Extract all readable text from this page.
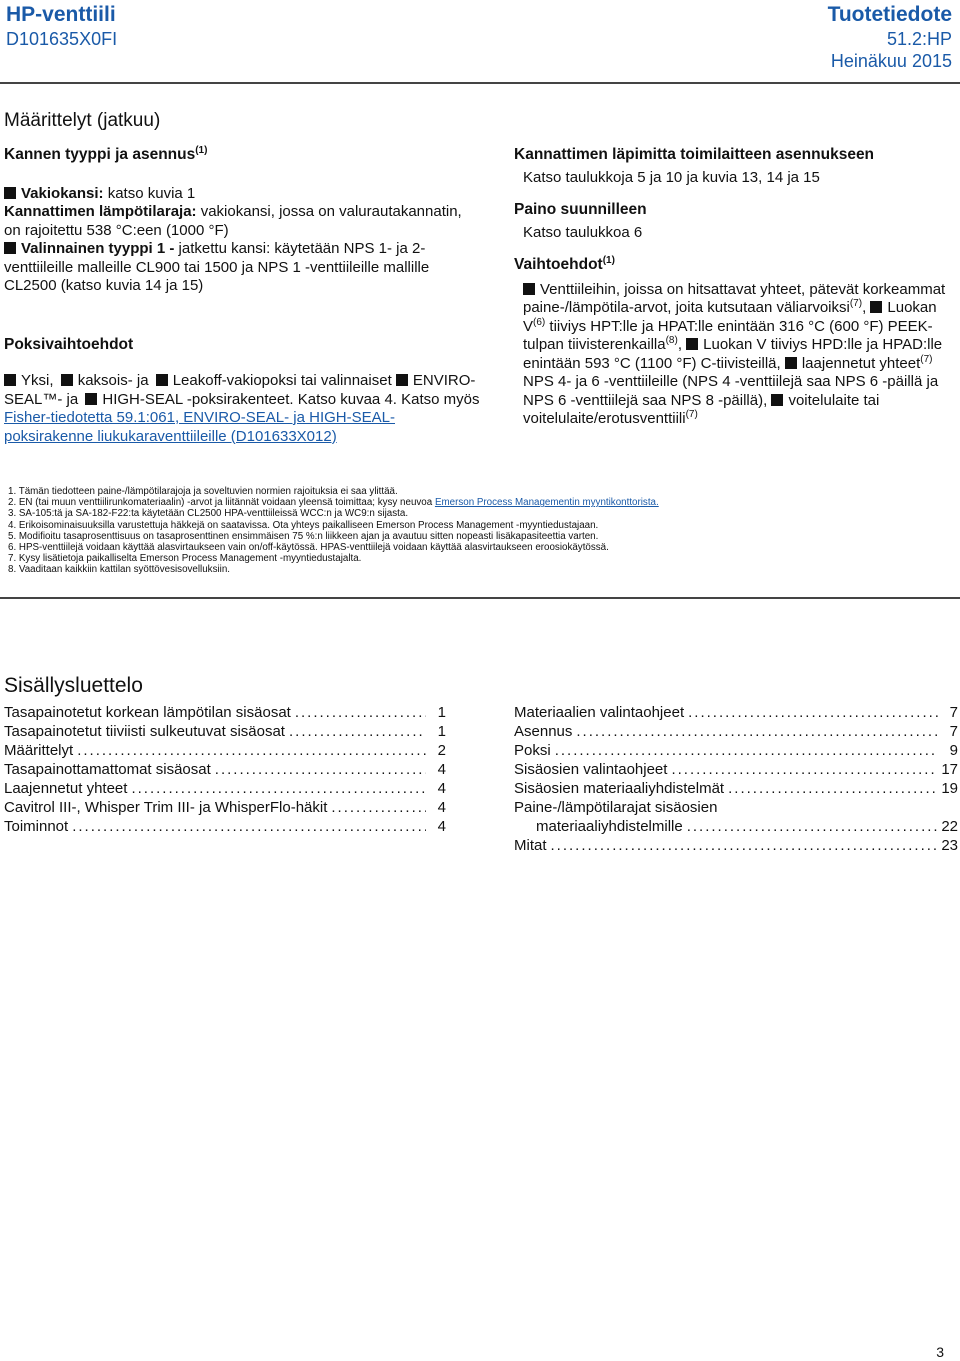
HP-venttiili
D101635X0FI
Tuotetiedote
51.2:HP
Heinäkuu 2015
Määrittelyt (jatkuu)

Kannen tyyppi ja asennus$^{(1)}$

Vakiokansi: katso kuvia 1

Kannattimen lämpötilaraja: vakiokansi, jossa on valurautakannatin, on rajoitettu 538 °C:een (1000 °F)

Valinnainen tyyppi 1 - jatkettu kansi: käytetään NPS 1- ja 2-venttiileille malleille CL900 tai 1500 ja NPS 1 -venttiileille mallille CL2500 (katso kuvia 14 ja 15)

Poksivaihtoehdot

Yksi, kaksois- ja Leakoff-vakiopoksi tai valinnaiset ENVIRO-SEAL™- ja HIGH-SEAL -poksirakenteet. Katso kuvaa 4. Katso myös Fisher-tiedotetta 59.1:061, ENVIRO-SEAL- ja HIGH-SEAL-poksirakenne liukukaraventtiileille (D101633X012)

Kannattimen läpimitta toimilaitteen asennukseen

Katso taulukkoja 5 ja 10 ja kuvia 13, 14 ja 15

Paino suunnilleen

Katso taulukkoa 6

Vaihtoehdot$^{(1)}$

Venttiileihin, joissa on hitsattavat yhteet, pätevät korkeammat paine-/lämpötila-arvot, joita kutsutaan väliarvoiksi$^{(7)}$, Luokan $V^{(6)}$ tiiviys HPT:lle ja HPAT:lle enintään 316 °C (600 °F) PEEK-tulpan tiivisterenkailla$^{(8)}$, Luokan V tiiviys HPD:lle ja HPAD:lle enintään 593 °C (1100 °F) C-tiivisteillä, laajennetut yhteet$^{(7)}$ NPS 4- ja 6 -venttiileille (NPS 4 -venttiilejä saa NPS 6 -päillä ja NPS 6 -venttiilejä saa NPS 8 -päillä), voitelulaite tai voitelulaite/erotusventtiili$^{(7)}$

1. Tämän tiedotteen paine-/lämpötilarajoja ja soveltuvien normien rajoituksia ei saa ylittää.
2. EN (tai muun venttiilirunkomateriaalin) -arvot ja liitännät voidaan yleensä toimittaa; kysy neuvoa Emerson Process Managementin myyntikonttorista.
3. SA-105:tä ja SA-182-F22:ta käytetään CL2500 HPA-venttiileissä WCC:n ja WC9:n sijasta.
4. Erikoisominaisuuksilla varustettuja häkkejä on saatavissa. Ota yhteys paikalliseen Emerson Process Management -myyntiedustajaan.
5. Modifioitu tasaprosenttisuus on tasaprosenttinen ensimmäisen 75 %:n liikkeen ajan ja avautuu sitten nopeasti lisäkapasiteettia varten.
6. HPS-venttiilejä voidaan käyttää alasvirtaukseen vain on/off-käytössä. HPAS-venttiilejä voidaan käyttää alasvirtaukseen eroosiokäytössä.
7. Kysy lisätietoja paikalliselta Emerson Process Management -myyntiedustajalta.
8. Vaaditaan kaikkiin kattilan syöttövesisovelluksiin.
Sisällysluettelo
Tasapainotetut korkean lämpötilan sisäosat .....	1
Tasapainotetut tiiviisti sulkeutuvat sisäosat .....	1
Määrittelyt .....	2
Tasapainottamattomat sisäosat .....	4
Laajennetut yhteet .....	4
Cavitrol III-, Whisper Trim III- ja WhisperFlo-häkit .....	4
Toiminnot .....	4
Materiaalien valintaohjeet .....	7
Asennus .....	7
Poksi .....	9
Sisäosien valintaohjeet .....	17
Sisäosien materiaaliyhdistelmät .....	19
Paine-/lämpötilarajat sisäosien
materiaaliyhdistelmille .....	22
Mitat .....	23
3
